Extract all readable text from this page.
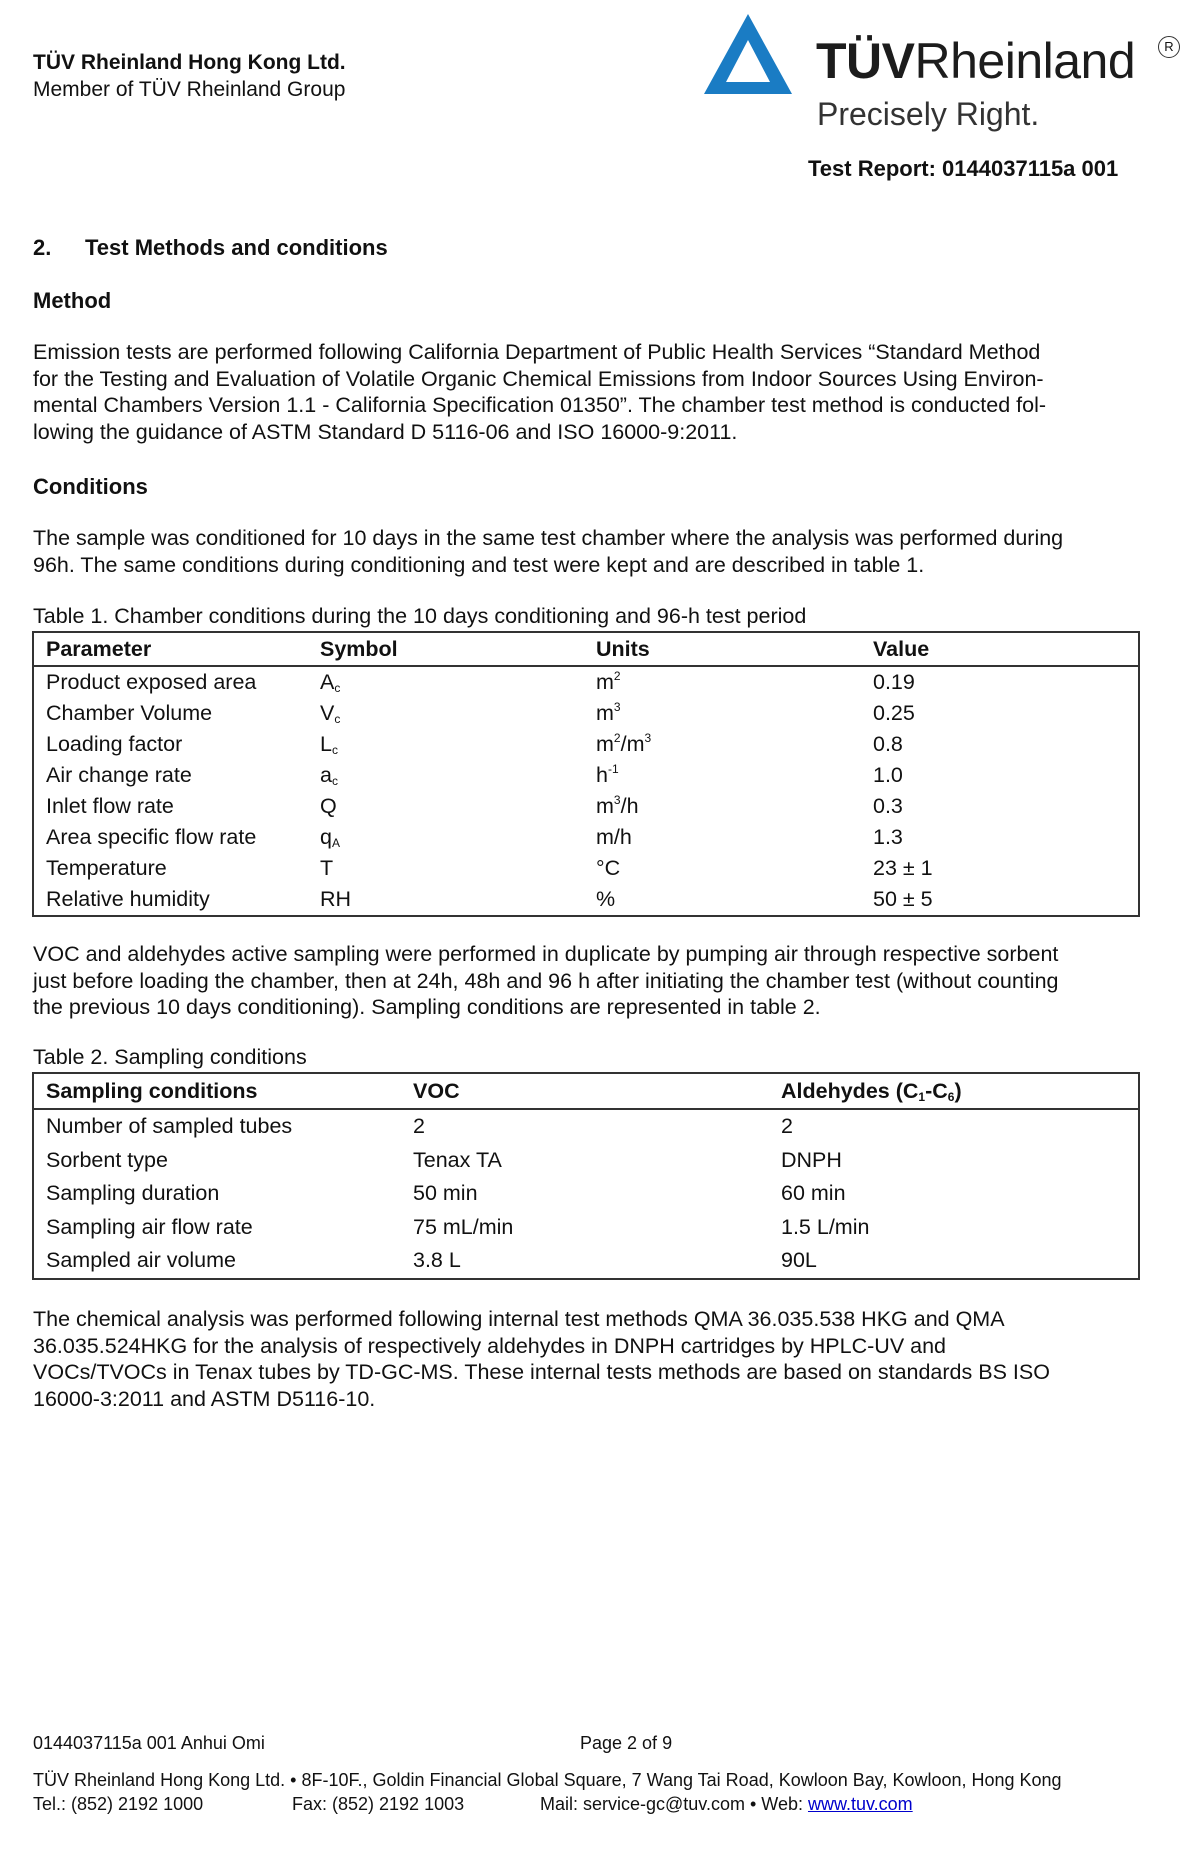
TÜV Rheinland Hong Kong Ltd.
Member of TÜV Rheinland Group
TÜVRheinland	R
Precisely Right.
Test Report: 0144037115a 001
2. Test Methods and conditions
Method
Emission tests are performed following California Department of Public Health Services “Standard Method
for the Testing and Evaluation of Volatile Organic Chemical Emissions from Indoor Sources Using Environ-
mental Chambers Version 1.1 - California Specification 01350”. The chamber test method is conducted fol-
lowing the guidance of ASTM Standard D 5116-06 and ISO 16000-9:2011.
Conditions
The sample was conditioned for 10 days in the same test chamber where the analysis was performed during
96h. The same conditions during conditioning and test were kept and are described in table 1.
Table 1. Chamber conditions during the 10 days conditioning and 96-h test period
Parameter	Symbol	Units	Value
Product exposed area	$A_c$	$m^2$	0.19
Chamber Volume	$V_c$	$m^3$	0.25
Loading factor	$L_c$	$m^2/m^3$	0.8
Air change rate	$a_c$	$h^{-1}$	1.0
Inlet flow rate	Q	$m^3/h$	0.3
Area specific flow rate	$q_A$	m/h	1.3
Temperature	T	°C	23 ± 1
Relative humidity	RH	%	50 ± 5
VOC and aldehydes active sampling were performed in duplicate by pumping air through respective sorbent
just before loading the chamber, then at 24h, 48h and 96 h after initiating the chamber test (without counting
the previous 10 days conditioning). Sampling conditions are represented in table 2.
Table 2. Sampling conditions
Sampling conditions	VOC	Aldehydes $(C_1-C_6)$
Number of sampled tubes	2	2
Sorbent type	Tenax TA	DNPH
Sampling duration	50 min	60 min
Sampling air flow rate	75 mL/min	1.5 L/min
Sampled air volume	3.8 L	90L
The chemical analysis was performed following internal test methods QMA 36.035.538 HKG and QMA
36.035.524HKG for the analysis of respectively aldehydes in DNPH cartridges by HPLC-UV and
VOCs/TVOCs in Tenax tubes by TD-GC-MS. These internal tests methods are based on standards BS ISO
16000-3:2011 and ASTM D5116-10.
0144037115a 001 Anhui Omi	Page 2 of 9
TÜV Rheinland Hong Kong Ltd. • 8F-10F., Goldin Financial Global Square, 7 Wang Tai Road, Kowloon Bay, Kowloon, Hong Kong
Tel.: (852) 2192 1000	Fax: (852) 2192 1003	Mail: service-gc@tuv.com • Web: www.tuv.com
